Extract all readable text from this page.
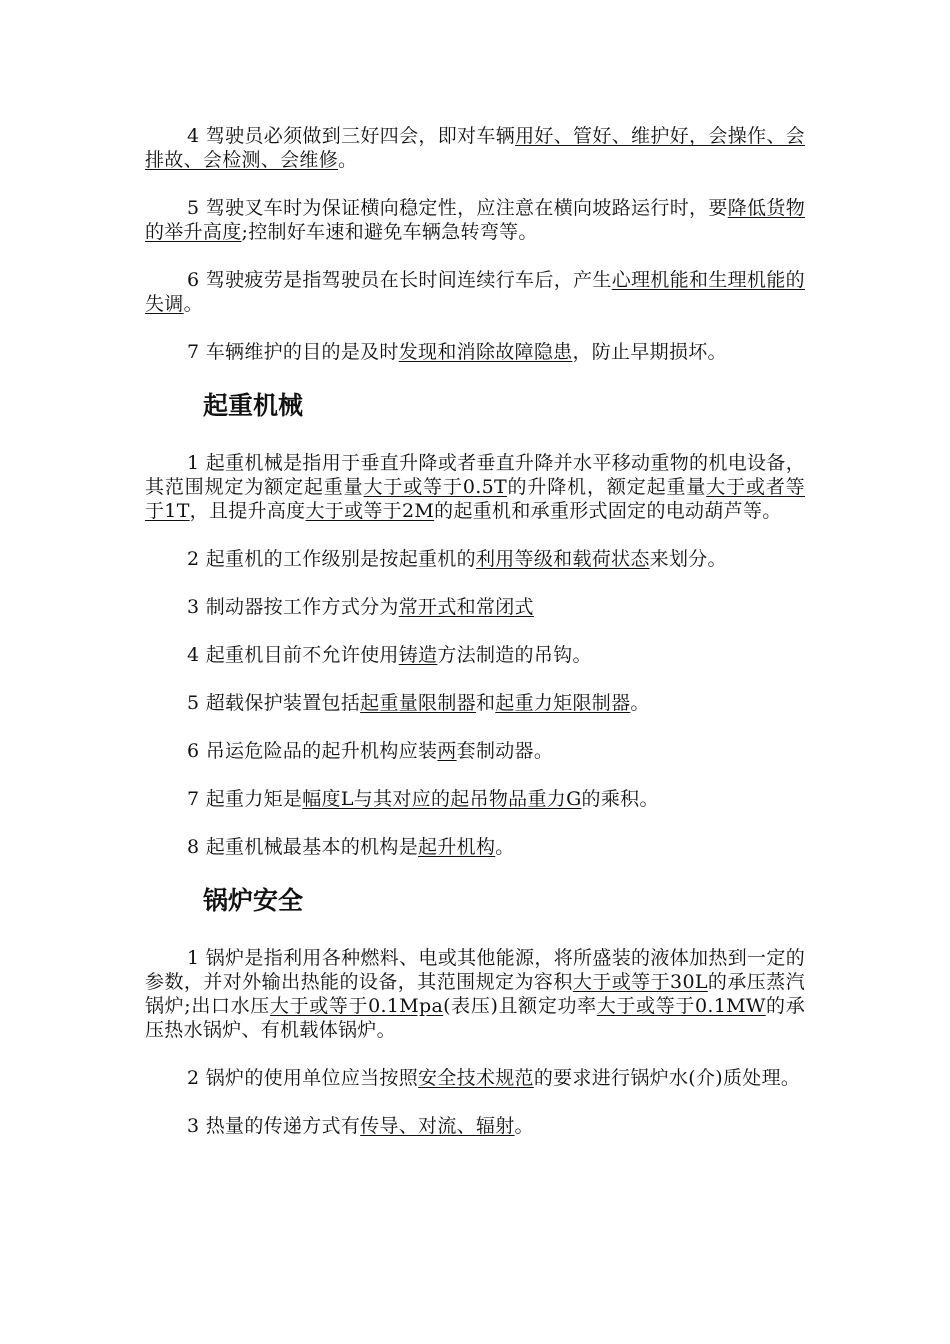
4 驾驶员必须做到三好四会，即对车辆用好、管好、维护好，会操作、会排故、会检测、会维修。

5 驾驶叉车时为保证横向稳定性，应注意在横向坡路运行时，要降低货物的举升高度;控制好车速和避免车辆急转弯等。

6 驾驶疲劳是指驾驶员在长时间连续行车后，产生心理机能和生理机能的失调。

7 车辆维护的目的是及时发现和消除故障隐患，防止早期损坏。

起重机械

1 起重机械是指用于垂直升降或者垂直升降并水平移动重物的机电设备，其范围规定为额定起重量大于或等于0.5T的升降机，额定起重量大于或者等于1T，且提升高度大于或等于2M的起重机和承重形式固定的电动葫芦等。

2 起重机的工作级别是按起重机的利用等级和载荷状态来划分。

3 制动器按工作方式分为常开式和常闭式

4 起重机目前不允许使用铸造方法制造的吊钩。

5 超载保护装置包括起重量限制器和起重力矩限制器。

6 吊运危险品的起升机构应装两套制动器。

7 起重力矩是幅度L与其对应的起吊物品重力G的乘积。

8 起重机械最基本的机构是起升机构。

锅炉安全

1 锅炉是指利用各种燃料、电或其他能源，将所盛装的液体加热到一定的参数，并对外输出热能的设备，其范围规定为容积大于或等于30L的承压蒸汽锅炉;出口水压大于或等于0.1Mpa(表压)且额定功率大于或等于0.1MW的承压热水锅炉、有机载体锅炉。

2 锅炉的使用单位应当按照安全技术规范的要求进行锅炉水(介)质处理。

3 热量的传递方式有传导、对流、辐射。
